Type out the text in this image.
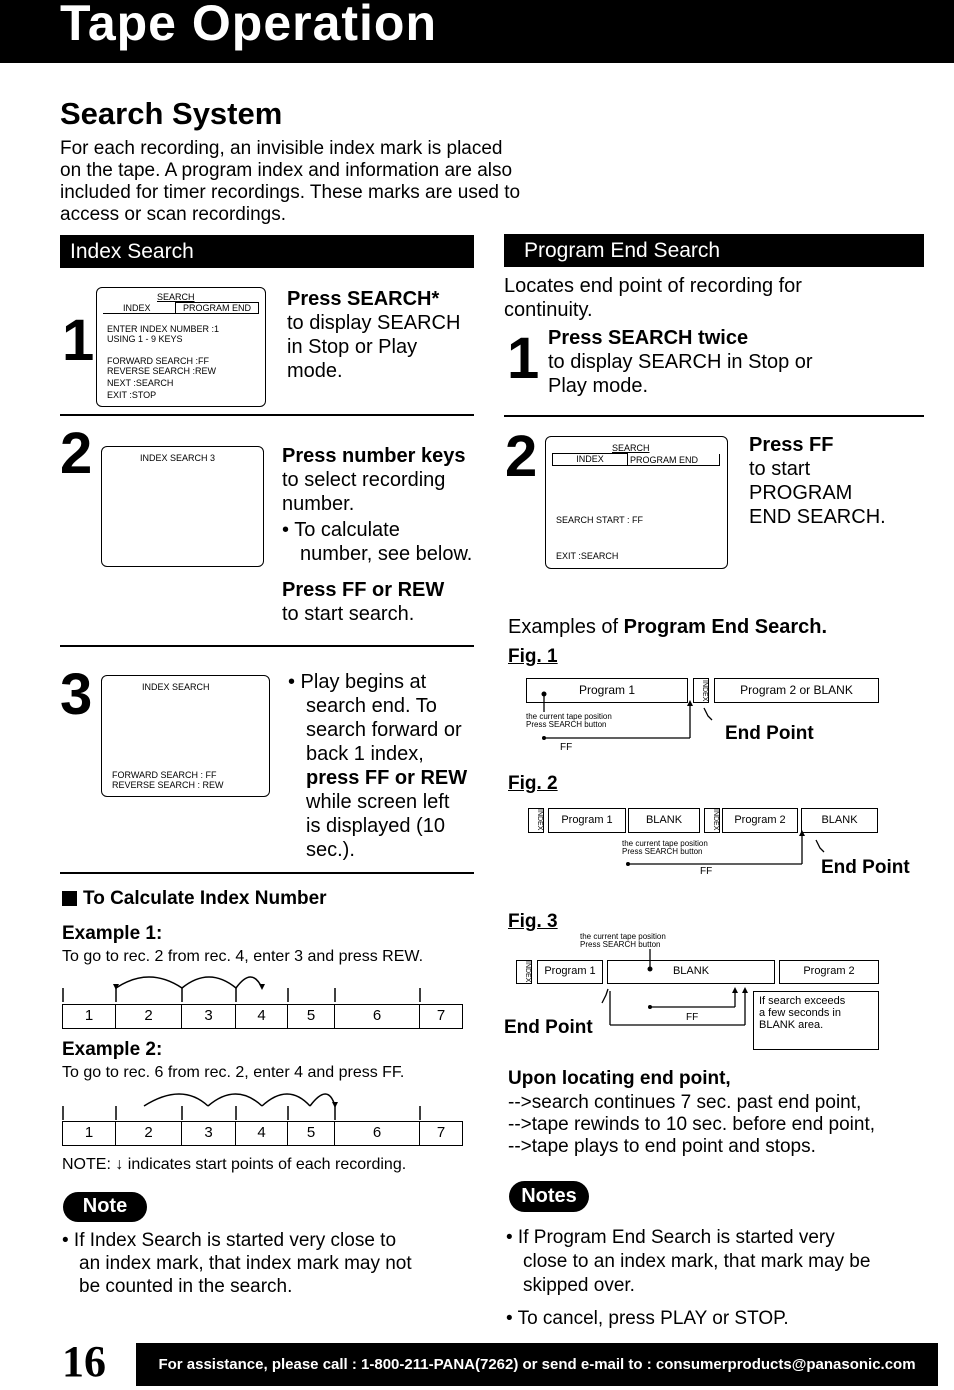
Tape Operation
Search System
For each recording, an invisible index mark is placed
on the tape. A program index and information are also
included for timer recordings. These marks are used to
access or scan recordings.
Index Search
1
SEARCH
INDEX	PROGRAM END
ENTER INDEX NUMBER :1
USING 1 - 9 KEYS
FORWARD SEARCH :FF
REVERSE SEARCH :REW
NEXT :SEARCH
EXIT :STOP
Press SEARCH*
to display SEARCH
in Stop or Play
mode.
2	INDEX SEARCH 3	Press number keys
to select recording
number.
• To calculate
number, see below.
Press FF or REW
to start search.
3	INDEX SEARCH
FORWARD SEARCH : FF
REVERSE SEARCH : REW
• Play begins at
search end. To
search forward or
back 1 index,
press FF or REW
while screen left
is displayed (10
sec.).
To Calculate Index Number
Example 1:
To go to rec. 2 from rec. 4, enter 3 and press REW.
1	2	3	4	5	6	7
Example 2:
To go to rec. 6 from rec. 2, enter 4 and press FF.
1	2	3	4	5	6	7
NOTE: ↓ indicates start points of each recording.
Note
• If Index Search is started very close to
an index mark, that index mark may not
be counted in the search.
Program End Search
Locates end point of recording for
continuity.
1 Press SEARCH twice
to display SEARCH in Stop or
Play mode.
2	SEARCH
INDEX	PROGRAM END
SEARCH START : FF
EXIT :SEARCH
Press FF
to start
PROGRAM
END SEARCH.
Examples of Program End Search.
Fig. 1
Program 1	INDEX	Program 2 or BLANK
the current tape position
Press SEARCH button
FF
End Point
Fig. 2
INDEX	Program 1	BLANK	INDEX	Program 2	BLANK
the current tape position
Press SEARCH button
FF	End Point
Fig. 3
the current tape position
Press SEARCH button
INDEX	Program 1	BLANK	Program 2
FF
If search exceeds
a few seconds in
BLANK area.
End Point
Upon locating end point,
-->search continues 7 sec. past end point,
-->tape rewinds to 10 sec. before end point,
-->tape plays to end point and stops.
Notes
• If Program End Search is started very
close to an index mark, that mark may be
skipped over.
• To cancel, press PLAY or STOP.
16	For assistance, please call : 1-800-211-PANA(7262) or send e-mail to : consumerproducts@panasonic.com
